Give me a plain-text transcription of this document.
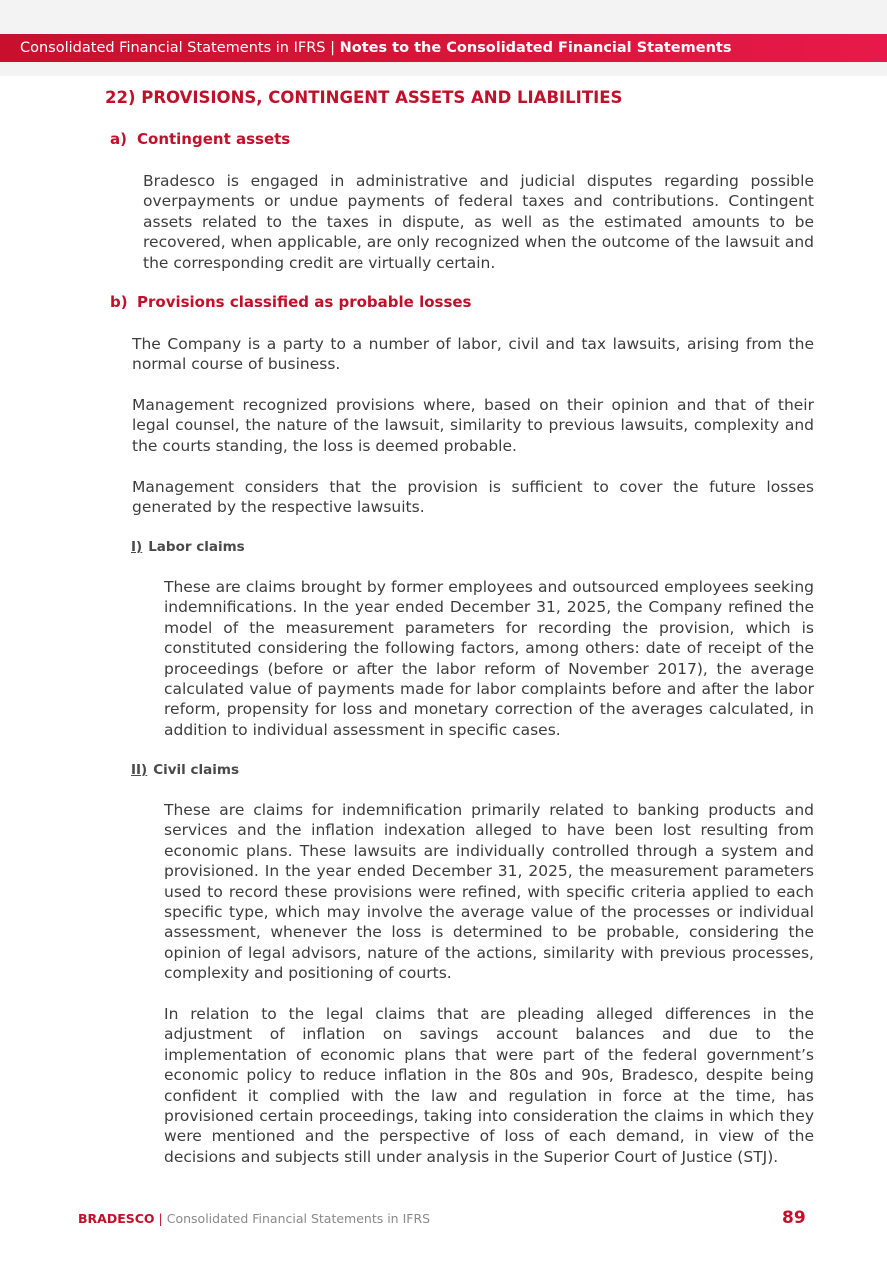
Consolidated Financial Statements in IFRS | Notes to the Consolidated Financial Statements
22) PROVISIONS, CONTINGENT ASSETS AND LIABILITIES
a) Contingent assets
Bradesco is engaged in administrative and judicial disputes regarding possible overpayments or undue payments of federal taxes and contributions. Contingent assets related to the taxes in dispute, as well as the estimated amounts to be recovered, when applicable, are only recognized when the outcome of the lawsuit and the corresponding credit are virtually certain.
b) Provisions classified as probable losses
The Company is a party to a number of labor, civil and tax lawsuits, arising from the normal course of business.
Management recognized provisions where, based on their opinion and that of their legal counsel, the nature of the lawsuit, similarity to previous lawsuits, complexity and the courts standing, the loss is deemed probable.
Management considers that the provision is sufficient to cover the future losses generated by the respective lawsuits.
I) Labor claims
These are claims brought by former employees and outsourced employees seeking indemnifications. In the year ended December 31, 2025, the Company refined the model of the measurement parameters for recording the provision, which is constituted considering the following factors, among others: date of receipt of the proceedings (before or after the labor reform of November 2017), the average calculated value of payments made for labor complaints before and after the labor reform, propensity for loss and monetary correction of the averages calculated, in addition to individual assessment in specific cases.
II) Civil claims
These are claims for indemnification primarily related to banking products and services and the inflation indexation alleged to have been lost resulting from economic plans. These lawsuits are individually controlled through a system and provisioned. In the year ended December 31, 2025, the measurement parameters used to record these provisions were refined, with specific criteria applied to each specific type, which may involve the average value of the processes or individual assessment, whenever the loss is determined to be probable, considering the opinion of legal advisors, nature of the actions, similarity with previous processes, complexity and positioning of courts.
In relation to the legal claims that are pleading alleged differences in the adjustment of inflation on savings account balances and due to the implementation of economic plans that were part of the federal government’s economic policy to reduce inflation in the 80s and 90s, Bradesco, despite being confident it complied with the law and regulation in force at the time, has provisioned certain proceedings, taking into consideration the claims in which they were mentioned and the perspective of loss of each demand, in view of the decisions and subjects still under analysis in the Superior Court of Justice (STJ).
BRADESCO | Consolidated Financial Statements in IFRS	89
